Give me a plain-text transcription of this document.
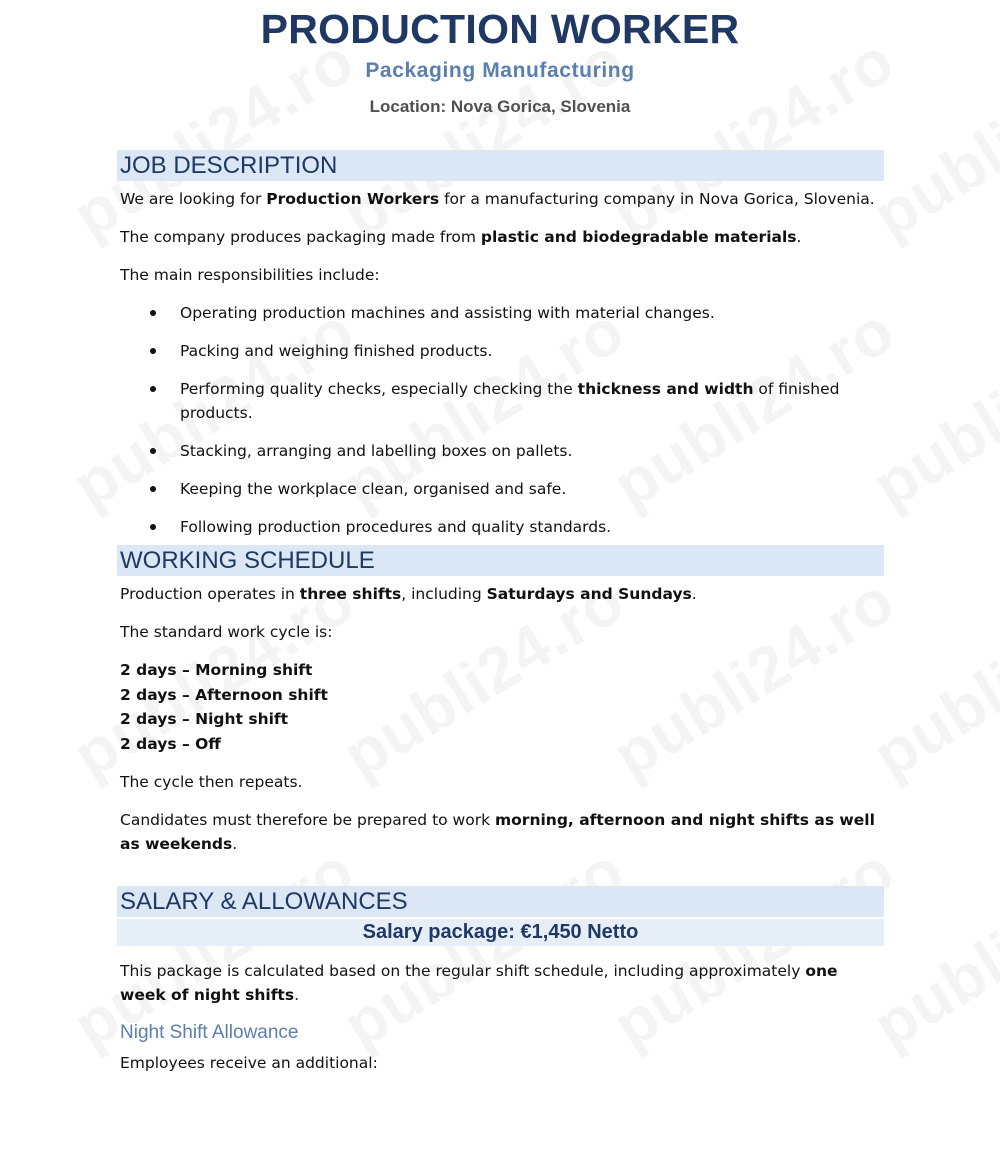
PRODUCTION WORKER
Packaging Manufacturing
Location: Nova Gorica, Slovenia
JOB DESCRIPTION

We are looking for Production Workers for a manufacturing company in Nova Gorica, Slovenia.

The company produces packaging made from plastic and biodegradable materials.

The main responsibilities include:

Operating production machines and assisting with material changes.
Packing and weighing finished products.
Performing quality checks, especially checking the thickness and width of finished products.
Stacking, arranging and labelling boxes on pallets.
Keeping the workplace clean, organised and safe.
Following production procedures and quality standards.
WORKING SCHEDULE

Production operates in three shifts, including Saturdays and Sundays.

The standard work cycle is:

2 days – Morning shift
2 days – Afternoon shift
2 days – Night shift
2 days – Off

The cycle then repeats.

Candidates must therefore be prepared to work morning, afternoon and night shifts as well as weekends.

SALARY & ALLOWANCES
Salary package: €1,450 Netto

This package is calculated based on the regular shift schedule, including approximately one week of night shifts.

Night Shift Allowance

Employees receive an additional:
